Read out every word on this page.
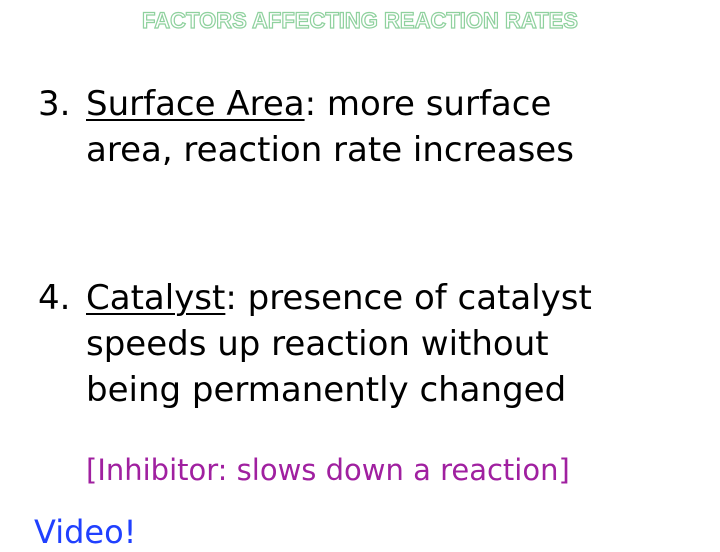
FACTORS AFFECTING REACTION RATES
3. Surface Area: more surface
area, reaction rate increases
4. Catalyst: presence of catalyst
speeds up reaction without
being permanently changed
[Inhibitor: slows down a reaction]
Video!
